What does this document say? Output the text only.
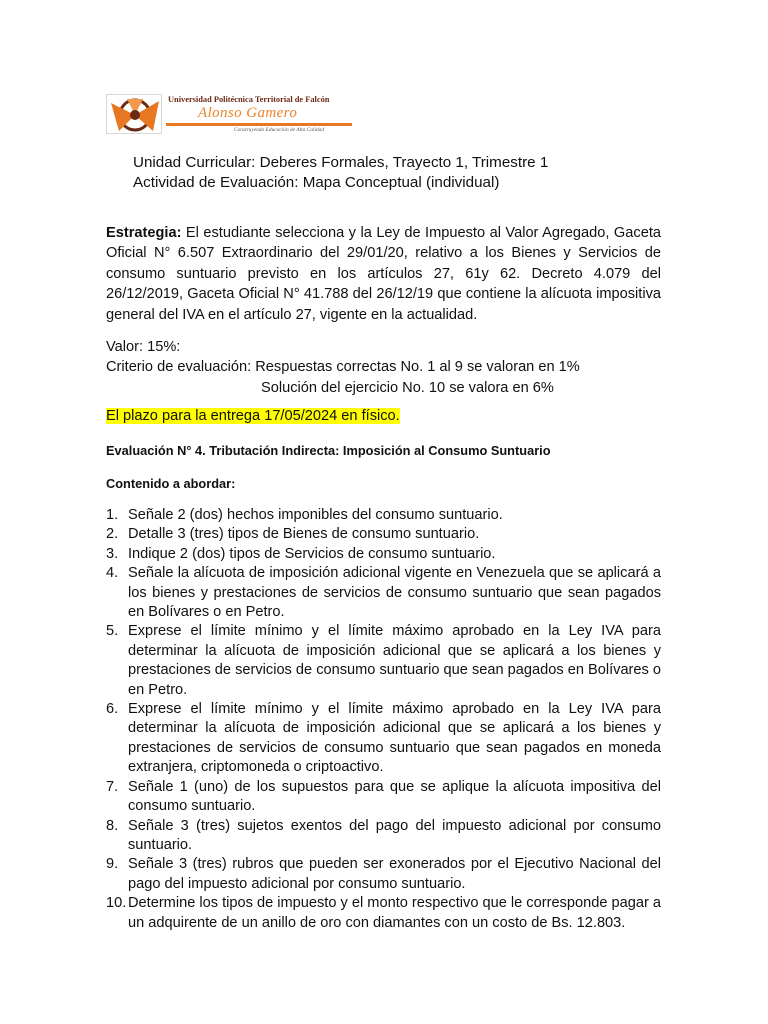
Universidad Politécnica Territorial de Falcón
Alonso Gamero
Construyendo Educación de Alta Calidad
Unidad Curricular: Deberes Formales, Trayecto 1, Trimestre 1
Actividad de Evaluación: Mapa Conceptual (individual)
Estrategia: El estudiante selecciona y la Ley de Impuesto al Valor Agregado, Gaceta Oficial N° 6.507 Extraordinario del 29/01/20, relativo a los Bienes y Servicios de consumo suntuario previsto en los artículos 27, 61y 62. Decreto 4.079 del 26/12/2019, Gaceta Oficial N° 41.788 del 26/12/19 que contiene la alícuota impositiva general del IVA en el artículo 27, vigente en la actualidad.
Valor: 15%:
Criterio de evaluación: Respuestas correctas No. 1 al 9 se valoran en 1%
Solución del ejercicio No. 10 se valora en 6%
El plazo para la entrega 17/05/2024 en físico.
Evaluación N° 4. Tributación Indirecta: Imposición al Consumo Suntuario
Contenido a abordar:
1. Señale 2 (dos) hechos imponibles del consumo suntuario.
2. Detalle 3 (tres) tipos de Bienes de consumo suntuario.
3. Indique 2 (dos) tipos de Servicios de consumo suntuario.
4. Señale la alícuota de imposición adicional vigente en Venezuela que se aplicará a los bienes y prestaciones de servicios de consumo suntuario que sean pagados en Bolívares o en Petro.
5. Exprese el límite mínimo y el límite máximo aprobado en la Ley IVA para determinar la alícuota de imposición adicional que se aplicará a los bienes y prestaciones de servicios de consumo suntuario que sean pagados en Bolívares o en Petro.
6. Exprese el límite mínimo y el límite máximo aprobado en la Ley IVA para determinar la alícuota de imposición adicional que se aplicará a los bienes y prestaciones de servicios de consumo suntuario que sean pagados en moneda extranjera, criptomoneda o criptoactivo.
7. Señale 1 (uno) de los supuestos para que se aplique la alícuota impositiva del consumo suntuario.
8. Señale 3 (tres) sujetos exentos del pago del impuesto adicional por consumo suntuario.
9. Señale 3 (tres) rubros que pueden ser exonerados por el Ejecutivo Nacional del pago del impuesto adicional por consumo suntuario.
10. Determine los tipos de impuesto y el monto respectivo que le corresponde pagar a un adquirente de un anillo de oro con diamantes con un costo de Bs. 12.803.
